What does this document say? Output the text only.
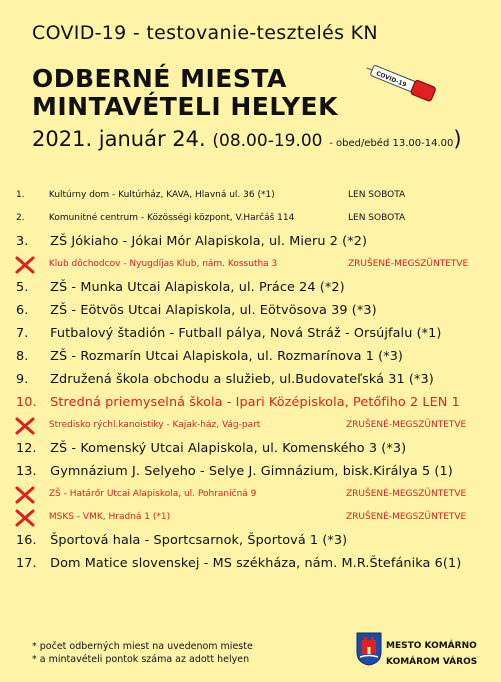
COVID-19 - testovanie-tesztelés KN
ODBERNÉ MIESTA
MINTAVÉTELI HELYEK
COVID-19
2021. január 24. (08.00-19.00 - obed/ebéd 13.00-14.00)
1.	Kultúrny dom - Kultúrház, KAVA, Hlavná ul. 36 (*1)	LEN SOBOTA
2.	Komunitné centrum - Közösségi központ, V.Harčáš 114	LEN SOBOTA
3. ZŠ Jókiaho - Jókai Mór Alapiskola, ul. Mieru 2 (*2)
Klub dôchodcov - Nyugdíjas Klub, nám. Kossutha 3	ZRUŠENÉ-MEGSZÜNTETVE
5. ZŠ - Munka Utcai Alapiskola, ul. Práce 24 (*2)
6. ZŠ - Eötvös Utcai Alapiskola, ul. Eötvösova 39 (*3)
7. Futbalový štadión - Futball pálya, Nová Stráž - Orsújfalu (*1)
8. ZŠ - Rozmarín Utcai Alapiskola, ul. Rozmarínova 1 (*3)
9. Združená škola obchodu a služieb, ul.Budovateľská 31 (*3)
10. Stredná priemyselná škola - Ipari Középiskola, Petőfiho 2 LEN 1
Stredisko rýchl.kanoistiky - Kajak-ház, Vág-part	ZRUŠENÉ-MEGSZÜNTETVE
12. ZŠ - Komenský Utcai Alapiskola, ul. Komenského 3 (*3)
13. Gymnázium J. Selyeho - Selye J. Gimnázium, bisk.Királya 5 (1)
ZŠ - Határőr Utcai Alapiskola, ul. Pohraničná 9	ZRUŠENÉ-MEGSZÜNTETVE
MSKS - VMK, Hradná 1 (*1)	ZRUŠENÉ-MEGSZÜNTETVE
16. Športová hala - Sportcsarnok, Športová 1 (*3)
17. Dom Matice slovenskej - MS székháza, nám. M.R.Štefánika 6(1)
* počet odberných miest na uvedenom mieste
* a mintavételi pontok száma az adott helyen
MESTO KOMÁRNO
KOMÁROM VÁROS
